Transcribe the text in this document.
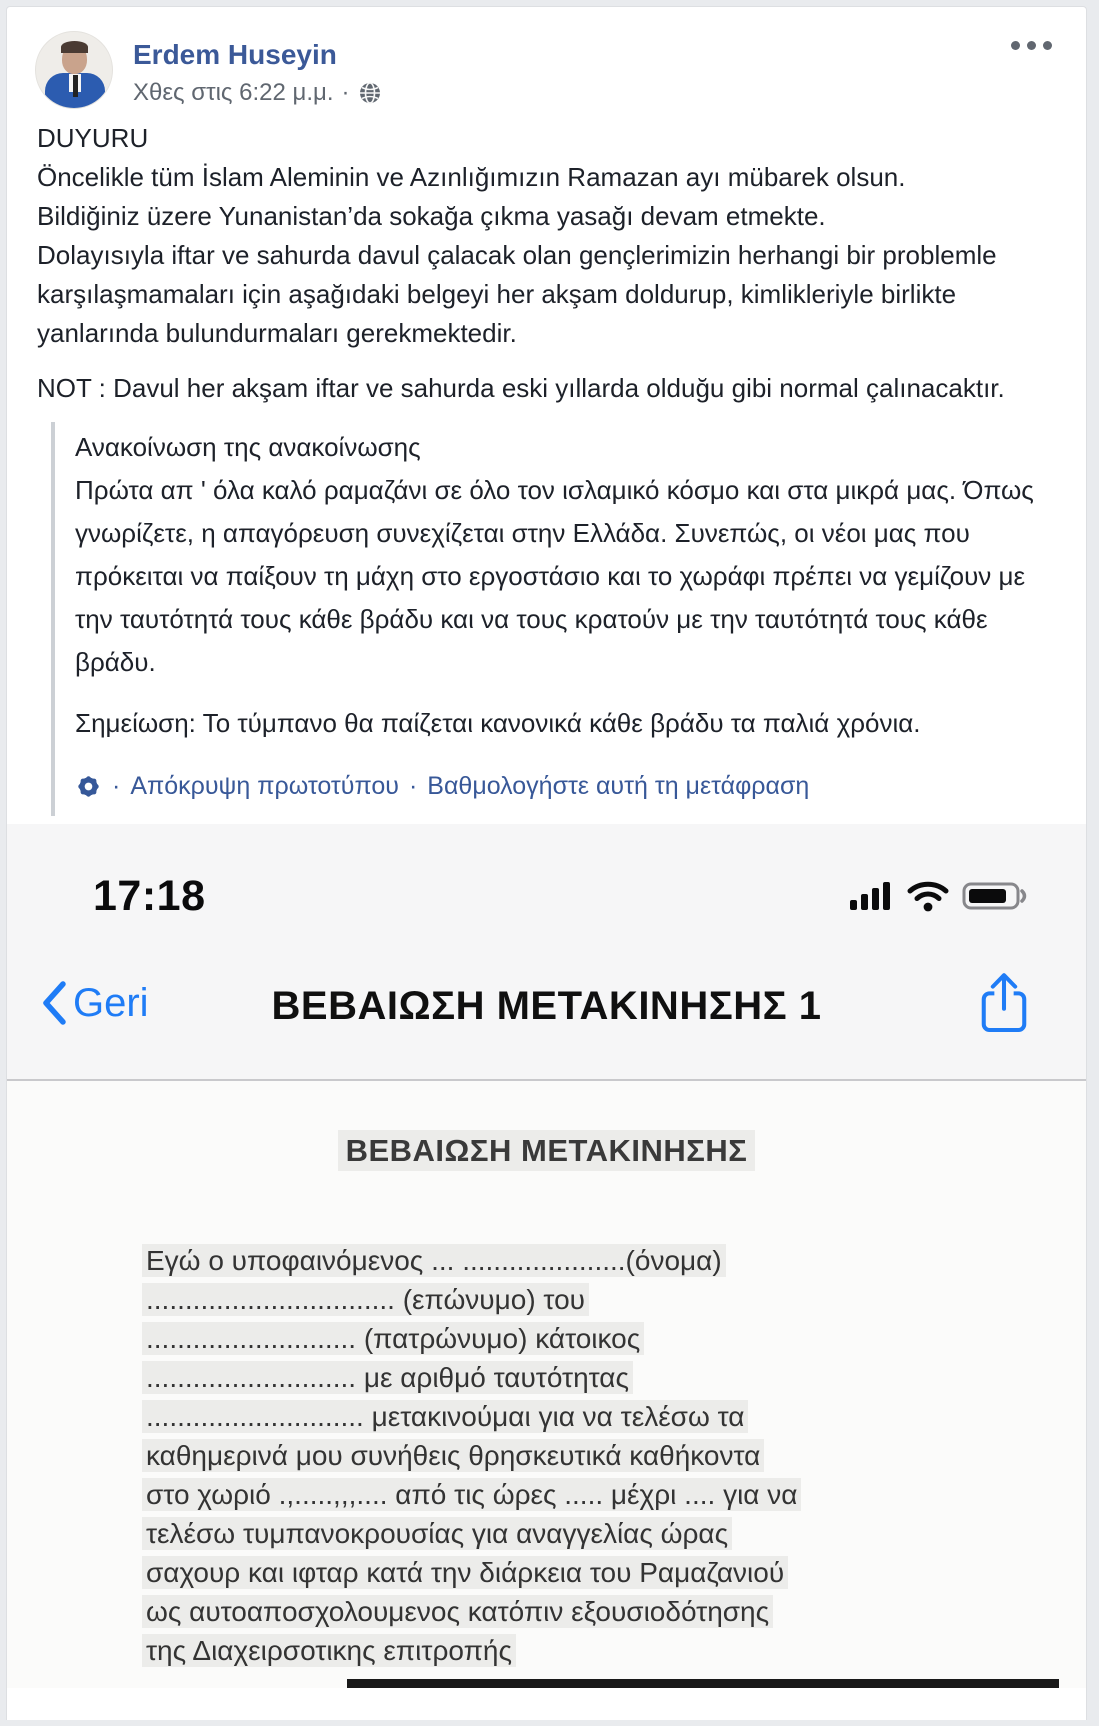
Erdem Huseyin
Χθες στις 6:22 μ.μ. ·

DUYURU

Öncelikle tüm İslam Aleminin ve Azınlığımızın Ramazan ayı mübarek olsun.

Bildiğiniz üzere Yunanistan’da sokağa çıkma yasağı devam etmekte.

Dolayısıyla iftar ve sahurda davul çalacak olan gençlerimizin herhangi bir problemle karşılaşmamaları için aşağıdaki belgeyi her akşam doldurup, kimlikleriyle birlikte yanlarında bulundurmaları gerekmektedir.

NOT : Davul her akşam iftar ve sahurda eski yıllarda olduğu gibi normal çalınacaktır.

Ανακοίνωση της ανακοίνωσης

Πρώτα απ ' όλα καλό ραμαζάνι σε όλο τον ισλαμικό κόσμο και στα μικρά μας. Όπως γνωρίζετε, η απαγόρευση συνεχίζεται στην Ελλάδα. Συνεπώς, οι νέοι μας που πρόκειται να παίξουν τη μάχη στο εργοστάσιο και το χωράφι πρέπει να γεμίζουν με την ταυτότητά τους κάθε βράδυ και να τους κρατούν με την ταυτότητά τους κάθε βράδυ.

Σημείωση: Το τύμπανο θα παίζεται κανονικά κάθε βράδυ τα παλιά χρόνια.

· Απόκρυψη πρωτοτύπου · Βαθμολογήστε αυτή τη μετάφραση
17:18
Geri	ΒΕΒΑΙΩΣΗ ΜΕΤΑΚΙΝΗΣΗΣ 1
ΒΕΒΑΙΩΣΗ ΜΕΤΑΚΙΝΗΣΗΣ
Εγώ ο υποφαινόμενος ... .....................(όνομα)
................................ (επώνυμο) του
........................... (πατρώνυμο) κάτοικος
........................... με αριθμό ταυτότητας
............................ μετακινούμαι για να τελέσω τα
καθημερινά μου συνήθεις θρησκευτικά καθήκοντα
στο χωριό .,.....,,,.... από τις ώρες ..... μέχρι .... για να
τελέσω τυμπανοκρουσίας για αναγγελίας ώρας
σαχουρ και ιφταρ κατά την διάρκεια του Ραμαζανιού
ως αυτοαποσχολουμενος κατόπιν εξουσιοδότησης
της Διαχειρσοτικης επιτροπής
